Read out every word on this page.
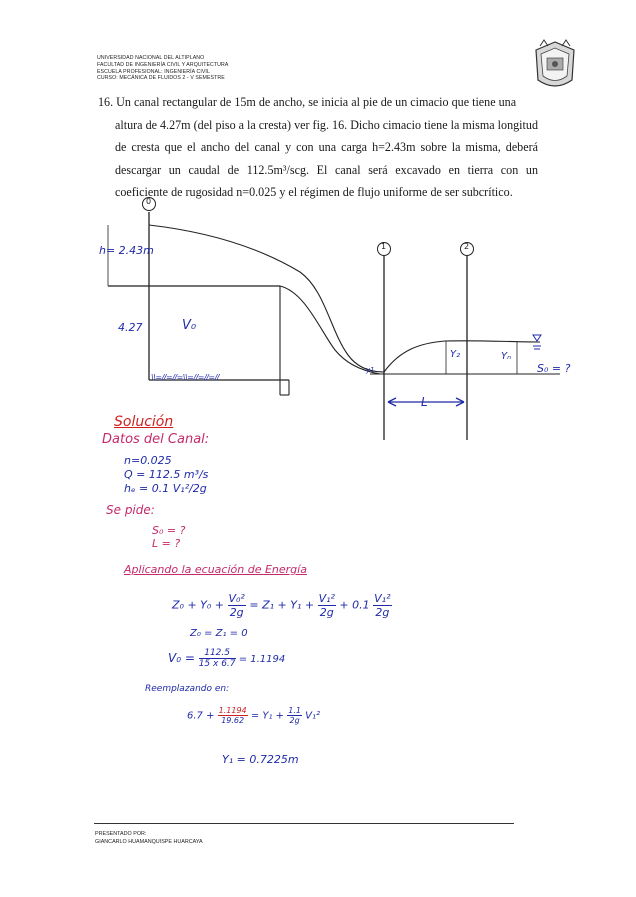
UNIVERSIDAD NACIONAL DEL ALTIPLANO
FACULTAD DE INGENIERÍA CIVIL Y ARQUITECTURA
ESCUELA PROFESIONAL: INGENIERÍA CIVIL
CURSO: MECÁNICA DE FLUIDOS 2 - V SEMESTRE

16. Un canal rectangular de 15m de ancho, se inicia al pie de un cimacio que tiene una

altura de 4.27m (del piso a la cresta) ver fig. 16. Dicho cimacio tiene la misma longitud de cresta que el ancho del canal y con una carga h=2.43m sobre la misma, deberá descargar un caudal de 112.5m³/scg. El canal será excavado en tierra con un coeficiente de rugosidad n=0.025 y el régimen de flujo uniforme de ser subcrítico.

h= 2.43m
4.27	V₀
0
1	2
\\=//=//=\\=//=//=//
y1
Y₂	Yₙ
S₀ = ?
L
Solución
Datos del Canal:
n=0.025
Q = 112.5 m³/s
hₑ = 0.1 V₁²/2g
Se pide:
S₀ = ?
L = ?
Aplicando la ecuación de Energía
$Z_0 + Y_0 + \frac{\text{V₀²}}{2g} = Z_1 + Y_1 + \frac{\text{V₁²}}{2g} + 0.1 \frac{\text{V₁²}}{2g}$
Z₀ = Z₁ = 0
$V_0 = \frac{112.5}{15 x 6.7} = 1.1194$
Reemplazando en:
$6.7 + \frac{1.1194}{19.62} = Y_1 + \frac{1.1}{2g} V_1^2$
Y₁ = 0.7225m
PRESENTADO POR:
GIANCARLO HUAMANQUISPE HUARCAYA
